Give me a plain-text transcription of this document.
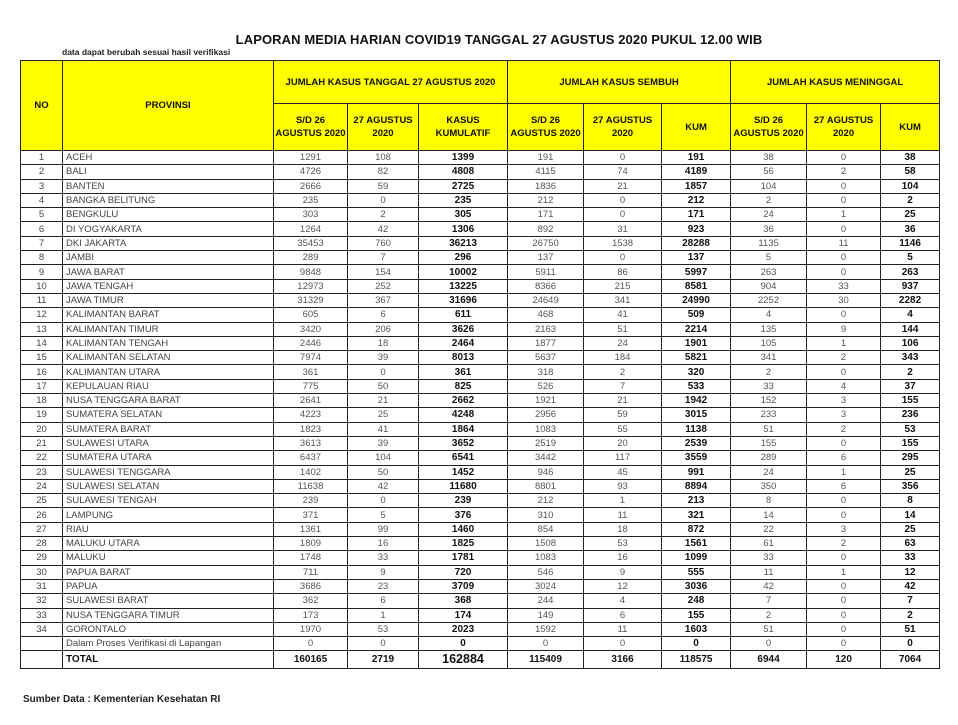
LAPORAN MEDIA HARIAN COVID19 TANGGAL 27 AGUSTUS 2020 PUKUL 12.00 WIB
data dapat berubah sesuai hasil verifikasi
NO	PROVINSI	JUMLAH KASUS TANGGAL 27 AGUSTUS 2020			JUMLAH KASUS SEMBUH			JUMLAH KASUS MENINGGAL		
		S/D 26 AGUSTUS 2020	27 AGUSTUS 2020	KASUS KUMULATIF	S/D 26 AGUSTUS 2020	27 AGUSTUS 2020	KUM	S/D 26 AGUSTUS 2020	27 AGUSTUS 2020	KUM
1	ACEH	1291	108	1399	191	0	191	38	0	38
2	BALI	4726	82	4808	4115	74	4189	56	2	58
3	BANTEN	2666	59	2725	1836	21	1857	104	0	104
4	BANGKA BELITUNG	235	0	235	212	0	212	2	0	2
5	BENGKULU	303	2	305	171	0	171	24	1	25
6	DI YOGYAKARTA	1264	42	1306	892	31	923	36	0	36
7	DKI JAKARTA	35453	760	36213	26750	1538	28288	1135	11	1146
8	JAMBI	289	7	296	137	0	137	5	0	5
9	JAWA BARAT	9848	154	10002	5911	86	5997	263	0	263
10	JAWA TENGAH	12973	252	13225	8366	215	8581	904	33	937
11	JAWA TIMUR	31329	367	31696	24649	341	24990	2252	30	2282
12	KALIMANTAN BARAT	605	6	611	468	41	509	4	0	4
13	KALIMANTAN TIMUR	3420	206	3626	2163	51	2214	135	9	144
14	KALIMANTAN TENGAH	2446	18	2464	1877	24	1901	105	1	106
15	KALIMANTAN SELATAN	7974	39	8013	5637	184	5821	341	2	343
16	KALIMANTAN UTARA	361	0	361	318	2	320	2	0	2
17	KEPULAUAN RIAU	775	50	825	526	7	533	33	4	37
18	NUSA TENGGARA BARAT	2641	21	2662	1921	21	1942	152	3	155
19	SUMATERA SELATAN	4223	25	4248	2956	59	3015	233	3	236
20	SUMATERA BARAT	1823	41	1864	1083	55	1138	51	2	53
21	SULAWESI UTARA	3613	39	3652	2519	20	2539	155	0	155
22	SUMATERA UTARA	6437	104	6541	3442	117	3559	289	6	295
23	SULAWESI TENGGARA	1402	50	1452	946	45	991	24	1	25
24	SULAWESI SELATAN	11638	42	11680	8801	93	8894	350	6	356
25	SULAWESI TENGAH	239	0	239	212	1	213	8	0	8
26	LAMPUNG	371	5	376	310	11	321	14	0	14
27	RIAU	1361	99	1460	854	18	872	22	3	25
28	MALUKU UTARA	1809	16	1825	1508	53	1561	61	2	63
29	MALUKU	1748	33	1781	1083	16	1099	33	0	33
30	PAPUA BARAT	711	9	720	546	9	555	11	1	12
31	PAPUA	3686	23	3709	3024	12	3036	42	0	42
32	SULAWESI BARAT	362	6	368	244	4	248	7	0	7
33	NUSA TENGGARA TIMUR	173	1	174	149	6	155	2	0	2
34	GORONTALO	1970	53	2023	1592	11	1603	51	0	51
	Dalam Proses Verifikasi di Lapangan	0	0	0	0	0	0	0	0	0
	TOTAL	160165	2719	162884	115409	3166	118575	6944	120	7064
Sumber Data : Kementerian Kesehatan RI
